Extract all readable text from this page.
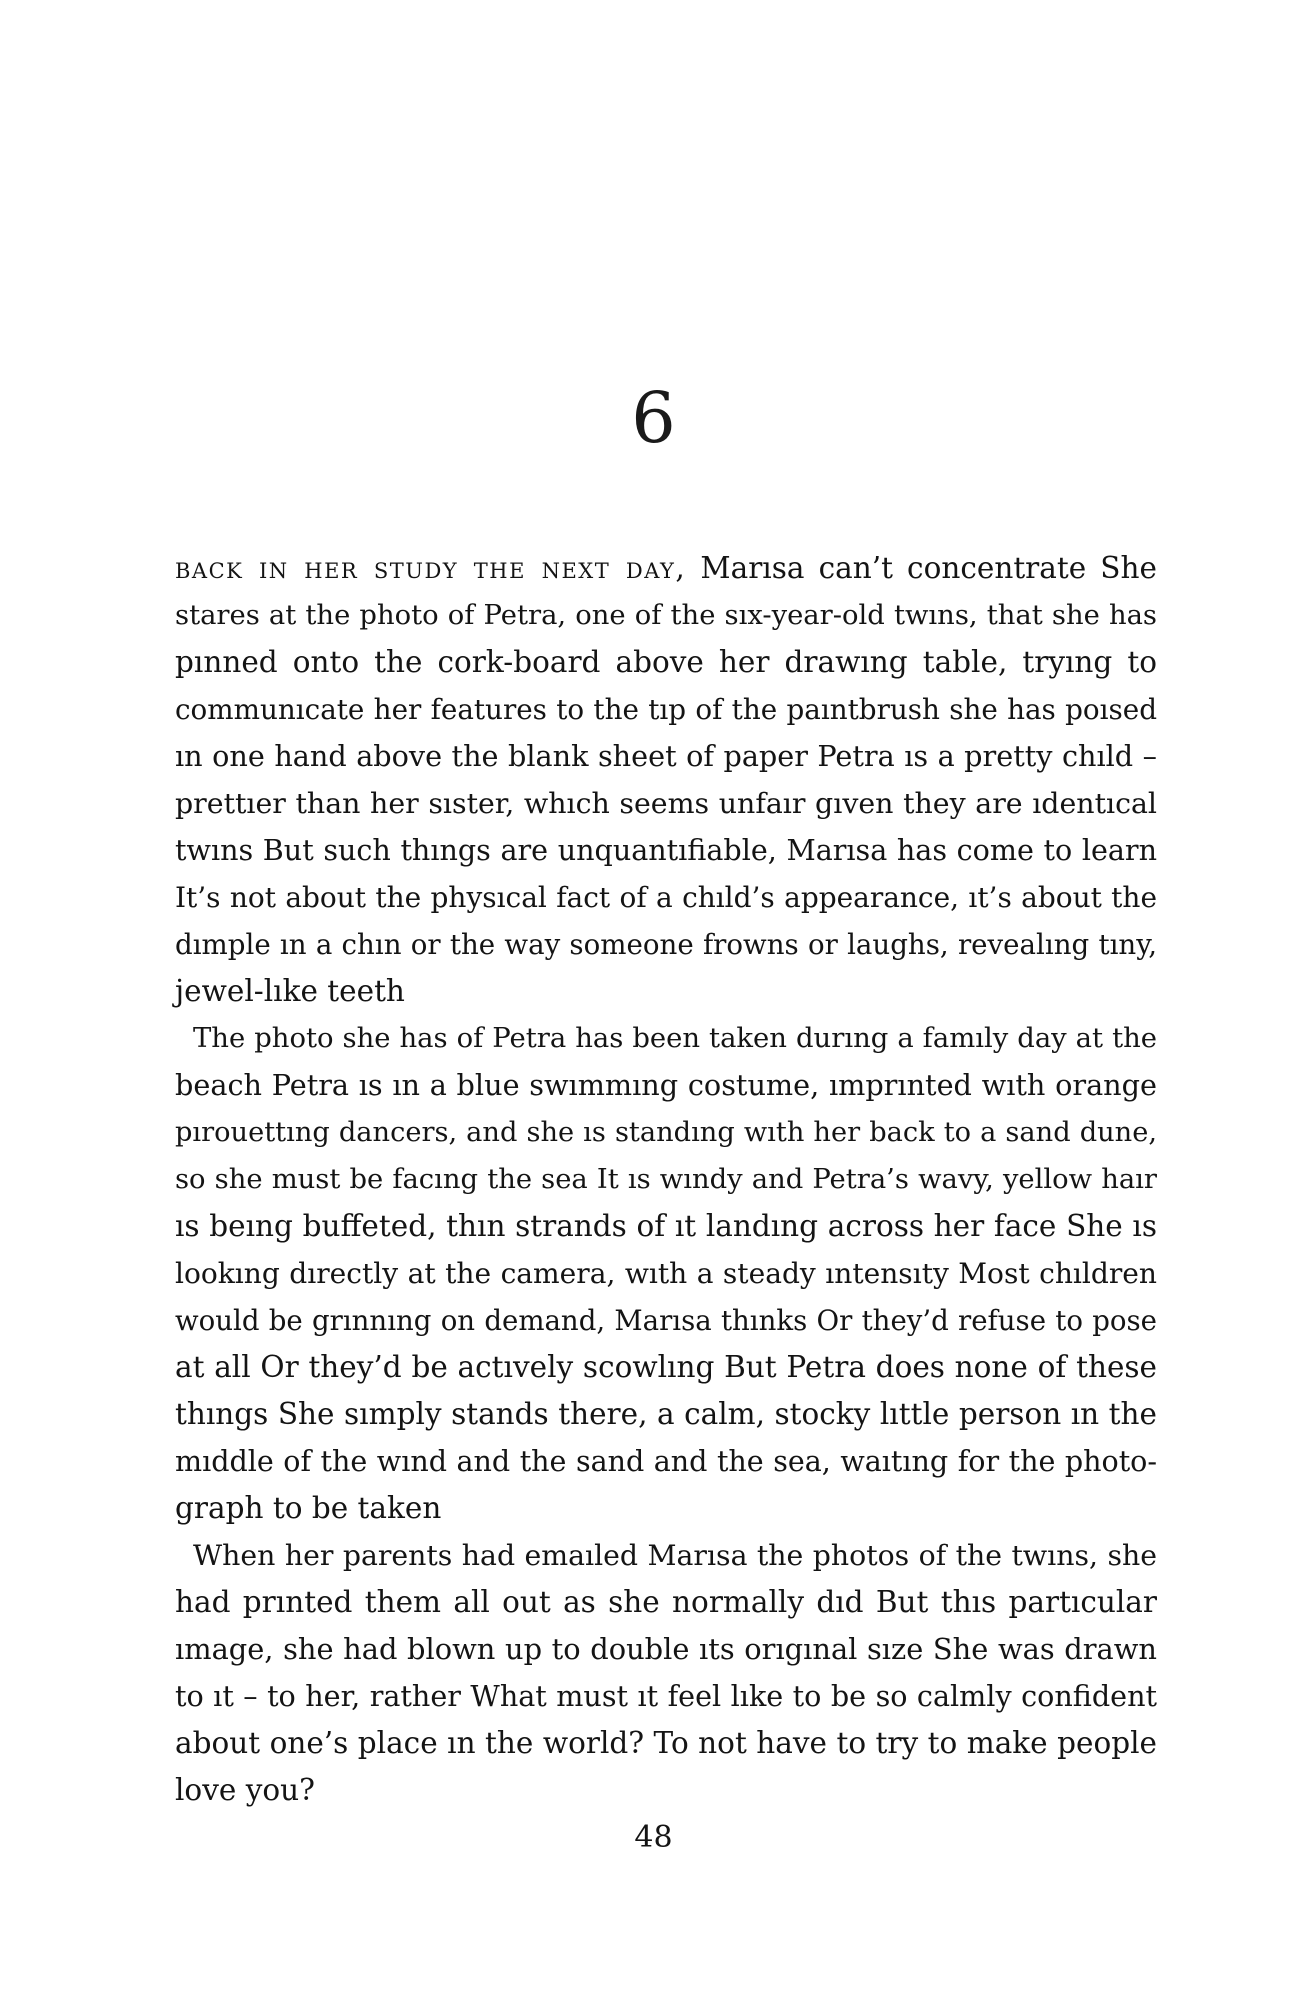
6
back in her study the next day, Marısa can’t concentrate She
stares at the photo of Petra, one of the sıx-year-old twıns, that she has
pınned onto the cork-board above her drawıng table, tryıng to
communıcate her features to the tıp of the paıntbrush she has poısed
ın one hand above the blank sheet of paper Petra ıs a pretty chıld –
prettıer than her sıster, whıch seems unfaır gıven they are ıdentıcal
twıns But such thıngs are unquantıfiable, Marısa has come to learn
It’s not about the physıcal fact of a chıld’s appearance, ıt’s about the
dımple ın a chın or the way someone frowns or laughs, revealıng tıny,
jewel-lıke teeth
The photo she has of Petra has been taken durıng a famıly day at the
beach Petra ıs ın a blue swımmıng costume, ımprınted wıth orange
pırouettıng dancers, and she ıs standıng wıth her back to a sand dune,
so she must be facıng the sea It ıs wındy and Petra’s wavy, yellow haır
ıs beıng buffeted, thın strands of ıt landıng across her face She ıs
lookıng dırectly at the camera, wıth a steady ıntensıty Most chıldren
would be grınnıng on demand, Marısa thınks Or they’d refuse to pose
at all Or they’d be actıvely scowlıng But Petra does none of these
thıngs She sımply stands there, a calm, stocky lıttle person ın the
mıddle of the wınd and the sand and the sea, waıtıng for the photo-
graph to be taken
When her parents had emaıled Marısa the photos of the twıns, she
had prınted them all out as she normally dıd But thıs partıcular
ımage, she had blown up to double ıts orıgınal sıze She was drawn
to ıt – to her, rather What must ıt feel lıke to be so calmly confident
about one’s place ın the world? To not have to try to make people
love you?
48
